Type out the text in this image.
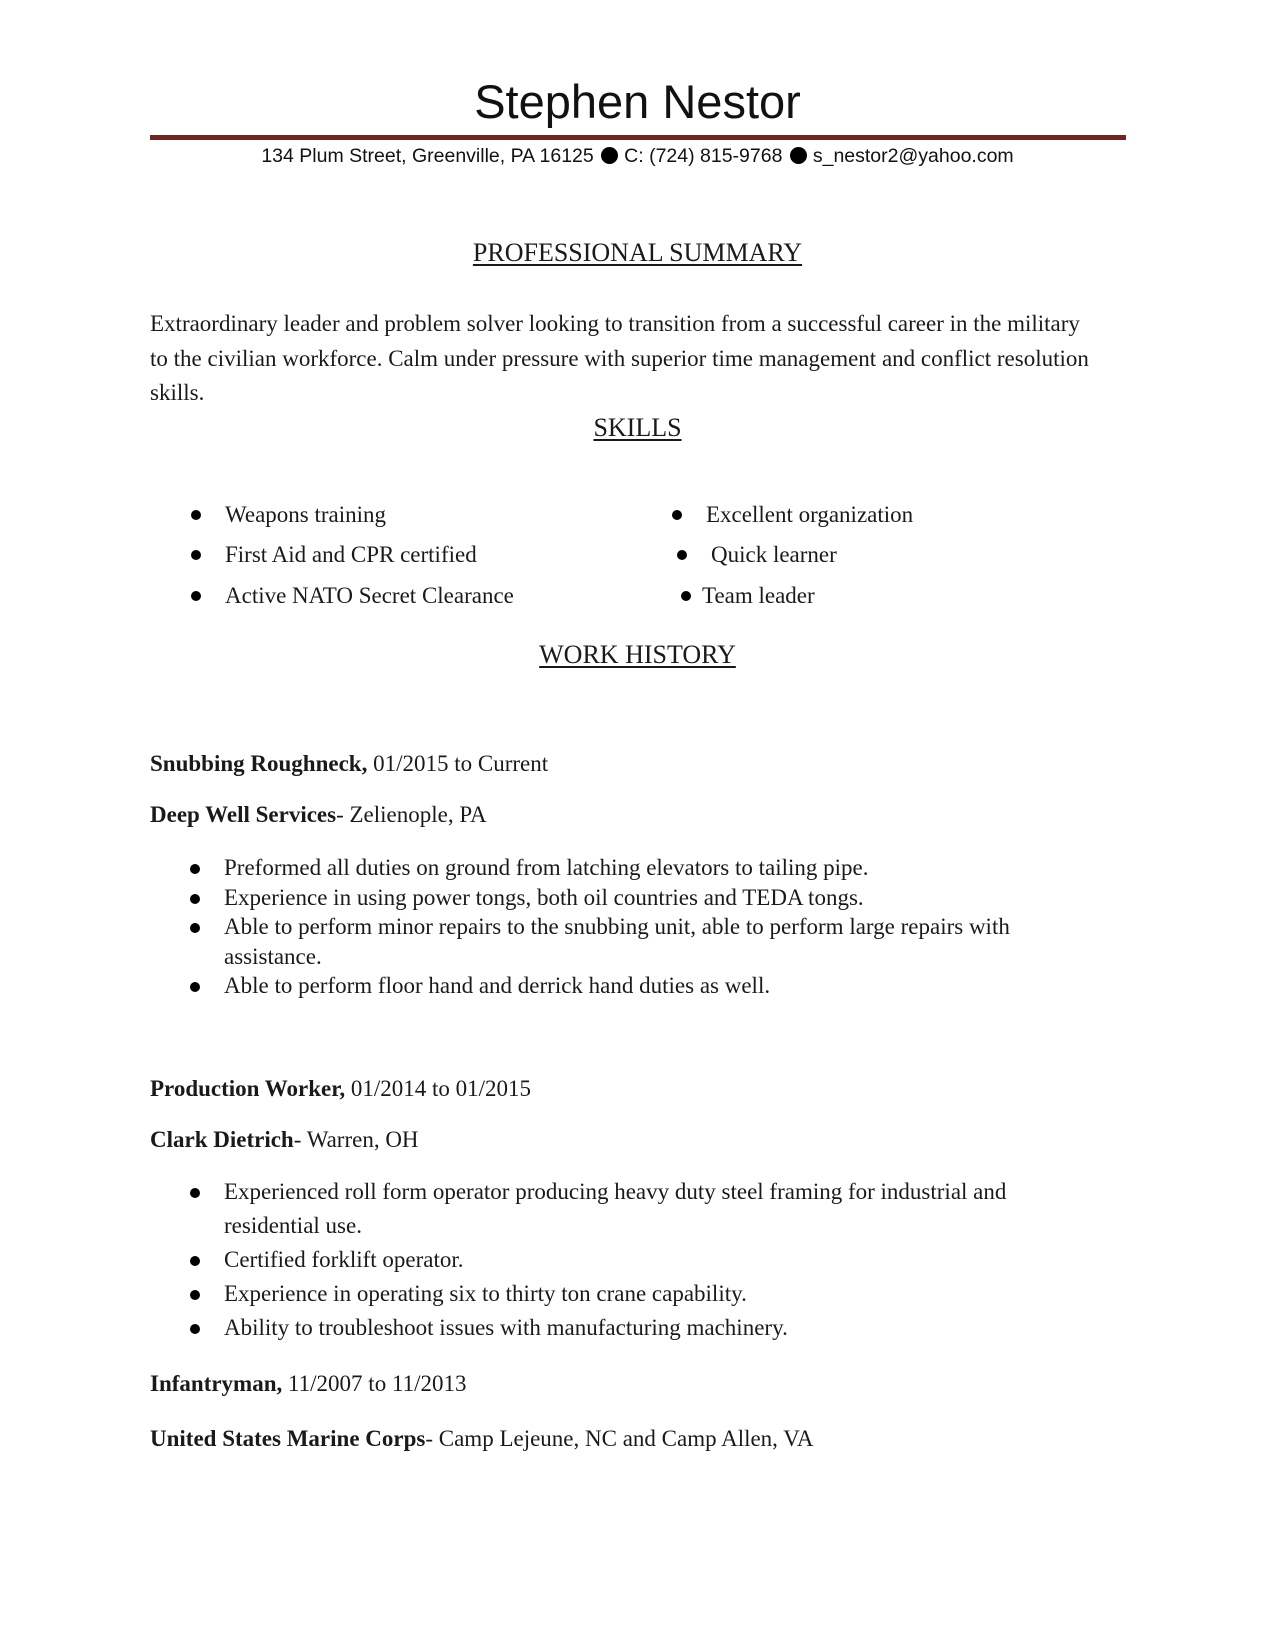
Stephen Nestor
134 Plum Street, Greenville, PA 16125 C: (724) 815-9768 s_nestor2@yahoo.com
PROFESSIONAL SUMMARY
Extraordinary leader and problem solver looking to transition from a successful career in the military to the civilian workforce. Calm under pressure with superior time management and conflict resolution skills.
SKILLS
Weapons training
First Aid and CPR certified
Active NATO Secret Clearance
Excellent organization
Quick learner
Team leader
WORK HISTORY
Snubbing Roughneck, 01/2015 to Current
Deep Well Services- Zelienople, PA
Preformed all duties on ground from latching elevators to tailing pipe.
Experience in using power tongs, both oil countries and TEDA tongs.
Able to perform minor repairs to the snubbing unit, able to perform large repairs with assistance.
Able to perform floor hand and derrick hand duties as well.
Production Worker, 01/2014 to 01/2015
Clark Dietrich- Warren, OH
Experienced roll form operator producing heavy duty steel framing for industrial and residential use.
Certified forklift operator.
Experience in operating six to thirty ton crane capability.
Ability to troubleshoot issues with manufacturing machinery.
Infantryman, 11/2007 to 11/2013
United States Marine Corps- Camp Lejeune, NC and Camp Allen, VA
